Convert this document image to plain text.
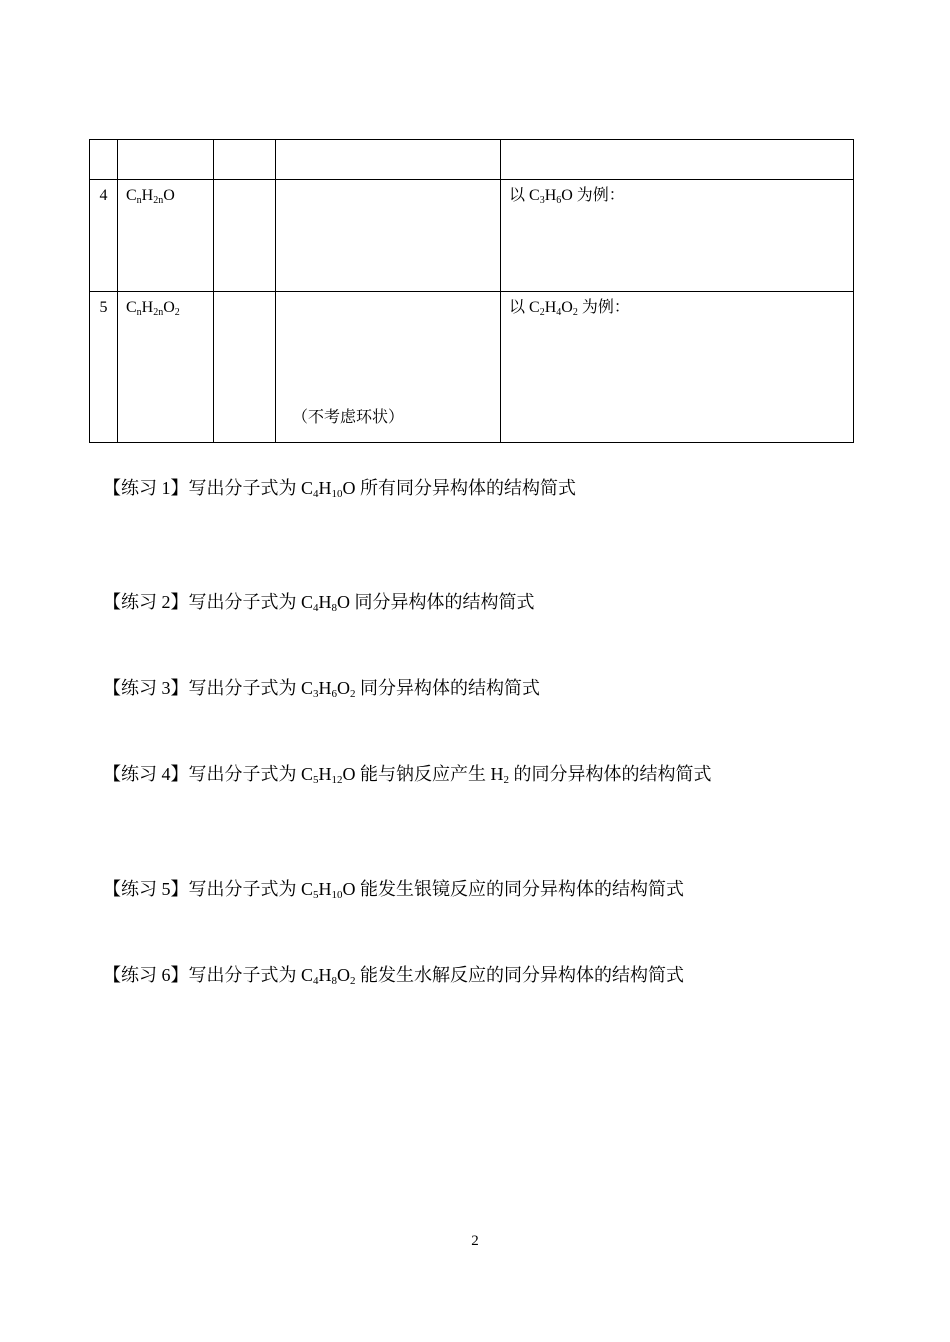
4	$C_nH_{2n}O$			以 $C_3H_6O$ 为例：

5	$C_nH_{2n}O_2$		（不考虑环状）	以 $C_2H_4O_2$ 为例：
【练习 1】写出分子式为 $C_4H_{10}O$ 所有同分异构体的结构简式
【练习 2】写出分子式为 $C_4H_8O$ 同分异构体的结构简式
【练习 3】写出分子式为 $C_3H_6O_2$ 同分异构体的结构简式
【练习 4】写出分子式为 $C_5H_{12}O$ 能与钠反应产生 $H_2$ 的同分异构体的结构简式
【练习 5】写出分子式为 $C_5H_{10}O$ 能发生银镜反应的同分异构体的结构简式
【练习 6】写出分子式为 $C_4H_8O_2$ 能发生水解反应的同分异构体的结构简式
2
